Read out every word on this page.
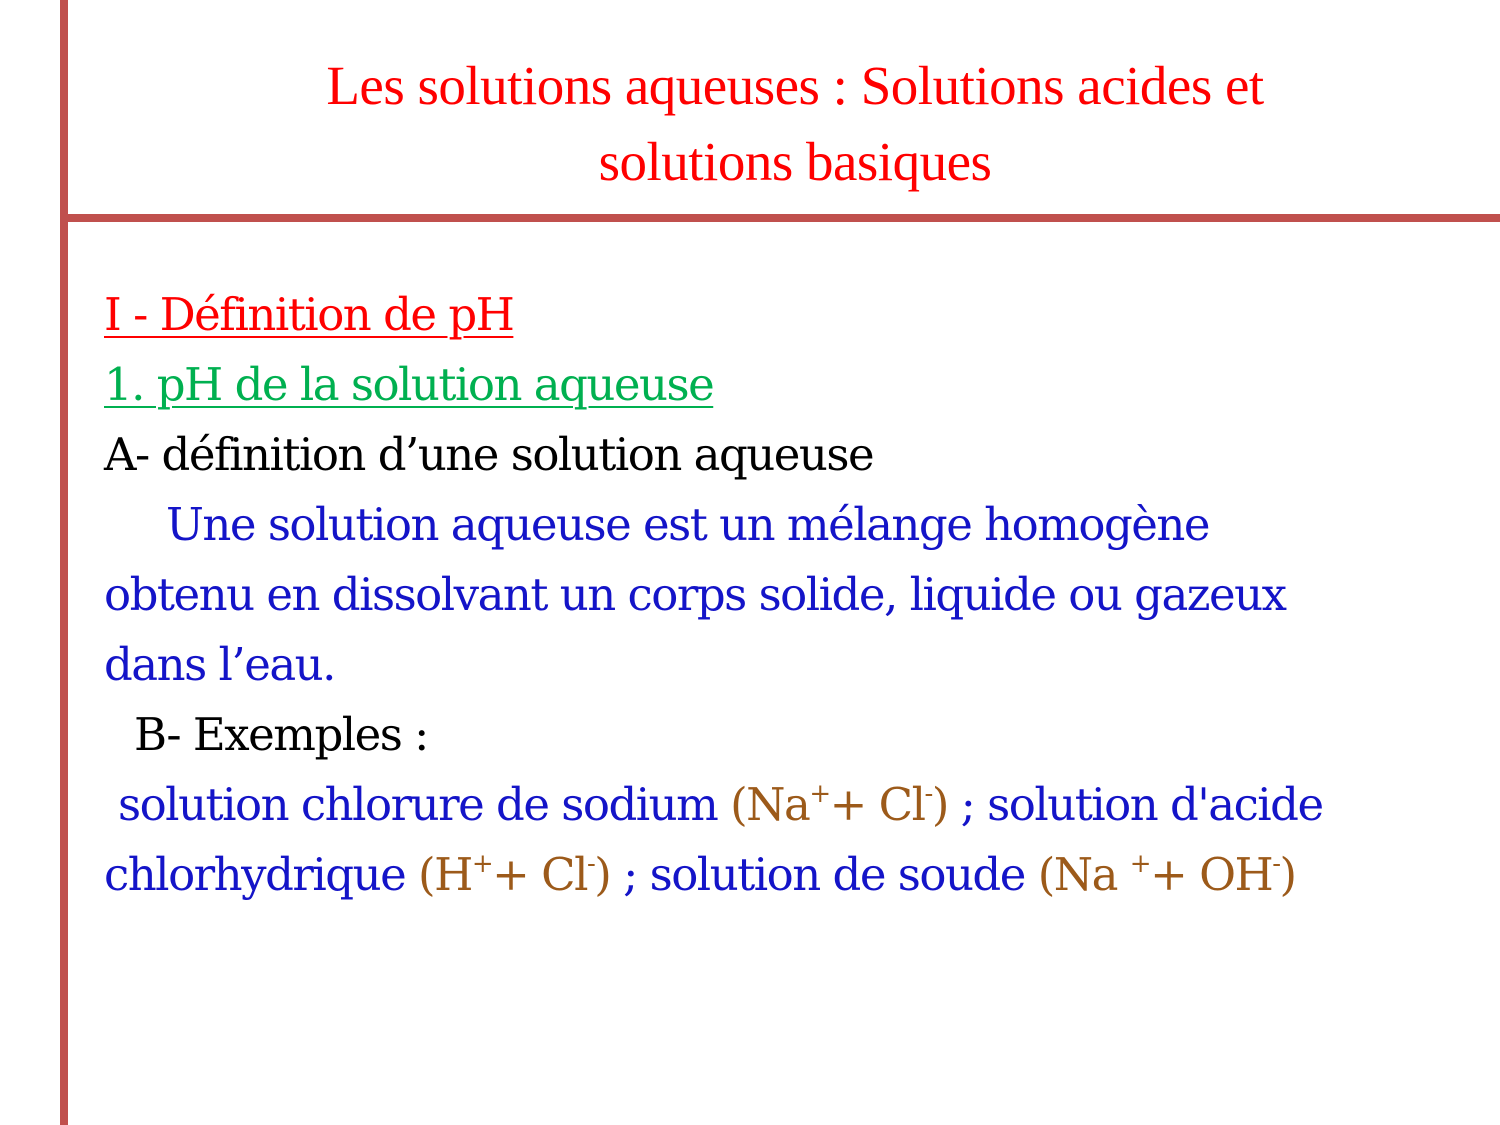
Les solutions aqueuses : Solutions acides et
solutions basiques
I - Définition de pH
1. pH de la solution aqueuse
A- définition d’une solution aqueuse
Une solution aqueuse est un mélange homogène
obtenu en dissolvant un corps solide, liquide ou gazeux
dans l’eau.
B- Exemples :
solution chlorure de sodium (Na++ Cl-) ; solution d'acide
chlorhydrique (H++ Cl-) ; solution de soude (Na ++ OH-)
